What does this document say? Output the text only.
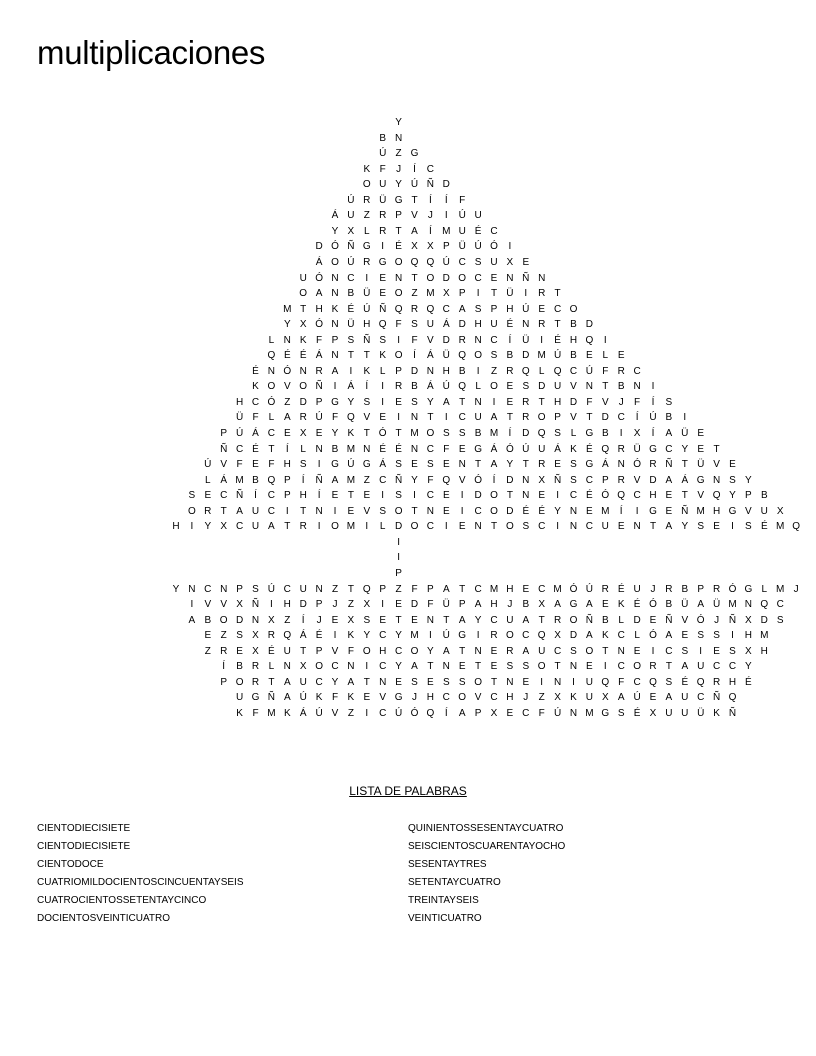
multiplicaciones
Y
B N
Ú Z G
K F	J	Í	C
O U Y Ú Ñ D
Ú R Ü G T	Í	Í	F
Á U Z R P V	J	I	Ú U
Y X L R T A	Í	M U É C
D Ó Ñ G	I	É X X P Ü Ú Ó	I
Á O Ú R G O Q Q Ú C S U X E
U Ó N C	I	E N T O D O C E N Ñ N
O A N B Ü E O Z M X P	I	T Ü	I	R T
M T H K É Ú Ñ Q R Q C A S P H Ú E C O
Y X Ó N Ü H Q F S U Á D H U É N R T B D
L N K F P S Ñ S	I	F V D R N C	Í	Ü	I	É H Q	I
Q É É Á N T T K O	Í	Á Ü Q O S B D M Ú B E L E
É N Ó N R A	I	K L P D N H B	I	Z R Q L Q C Ú F R C
K O V O Ñ	I	Á	Í	I	R B Á Ú Q L O E S D U V N T B N	I
H C Ó Z D P G Y S	I	E S Y A T N	I	E R T H D F V	J	F	Í	S
Ü F	L A R Ú F Q V E	I	N T	I	C U A T R O P V T D C	Í	Ú B	I
P Ú Á C E X E Y K T Ó T M O S S B M	Í	D Q S L G B	I	X	Í	A Ü E
Ñ C É T	Í	L N B M N É É N C F E G Á Ó Ú U Á K É Q R Ü G C Y E T
Ú V F E F H S	I	G Ú G Á S E S E N T A Y T R E S G Á N Ó R Ñ T Ü V E
L Á M B Q P	Í	Ñ A M Z C Ñ Y F Q V Ó	Í	D N X Ñ S C P R V D A Á G N S Y
S E C Ñ	Í	C P H	Í	E T E	I	S	I	C E	I	D O T N E	I	C É Ó Q C H E T V Q Y P B
O R T A U C	I	T N	I	E V S O T N E	I	C O D É É Y N E M	Í	I	G E Ñ M H G V U X
H	I	Y X C U A T R	I	O M	I	L D O C	I	E N T O S C	I	N C U E N T A Y S E	I	S É M Q
I
I
P
Y N C N P S Ú C U N Z T Q P Z F P A T C M H E C M Ó Ú R É U J R B P R Ó G L M J
I	V V X Ñ	I	H D P	J	Z X	I	E D F Ü P A H J	B X A G A E K É Ó B Ü A Ü M N Q C
A B O D N X Z	Í	J	E X S E T E N T A Y C U A T R O Ñ B L D E Ñ V Ó J Ñ X D S
E Z S X R Q Á É	I	K Y C Y M	I	Ú G	I	R O C Q X D A K C L Ó A E S S	I	H M
Z R E X É U T P V F O H C O Y A T N E R A U C S O T N E	I	C S	I	E S X H
Í	B R L N X O C N	I	C Y A T N E T E S S O T N E	I	C O R T A U C C Y
P O R T A U C Y A T N E S E S S O T N E	I	N	I	U Q F C Q S É Q R H É
U G Ñ A Ú K F K E V G J H C O V C H J	Z X K U X A Ú E A U C Ñ Q
K F M K Á Ú V Z	I	C Ú Ó Q	Í	A P X E C F Ú N M G S É X U U Ü K Ñ
LISTA DE PALABRAS
CIENTODIECISIETE
CIENTODIECISIETE
CIENTODOCE
CUATRIOMILDOCIENTOSCINCUENTAYSEIS
CUATROCIENTOSSETENTAYCINCO
DOCIENTOSVEINTICUATRO
QUINIENTOSSESENTAYCUATRO
SEISCIENTOSCUARENTAYOCHO
SESENTAYTRES
SETENTAYCUATRO
TREINTAYSEIS
VEINTICUATRO
